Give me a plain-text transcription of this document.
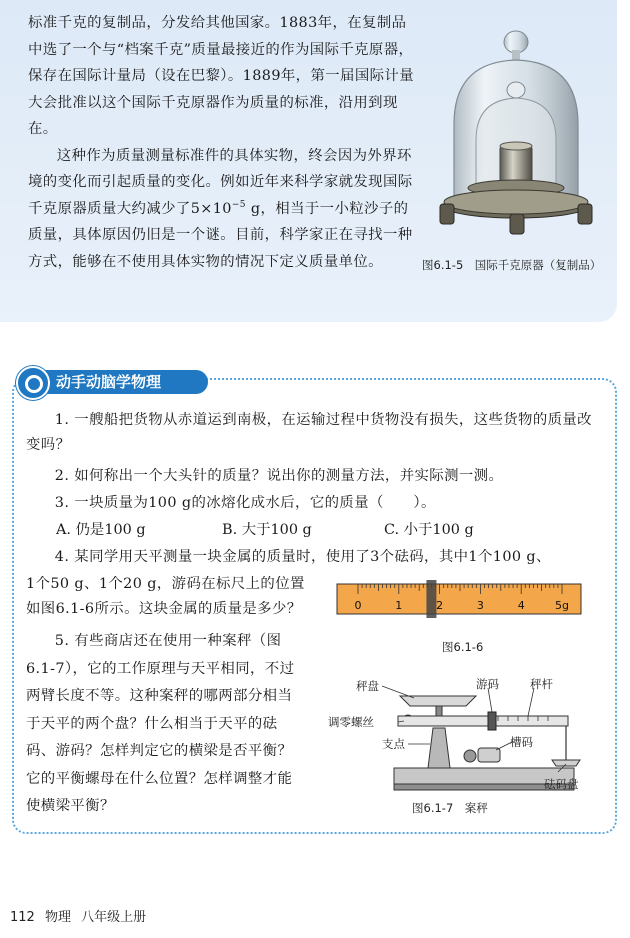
标准千克的复制品，分发给其他国家。1883年，在复制品中选了一个与“档案千克”质量最接近的作为国际千克原器，保存在国际计量局（设在巴黎）。1889年，第一届国际计量大会批准以这个国际千克原器作为质量的标准，沿用到现在。

这种作为质量测量标准件的具体实物，终会因为外界环境的变化而引起质量的变化。例如近年来科学家就发现国际千克原器质量大约减少了$5\times 10^{-5}$ g，相当于一小粒沙子的质量，具体原因仍旧是一个谜。目前，科学家正在寻找一种方式，能够在不使用具体实物的情况下定义质量单位。	图6.1-5　国际千克原器（复制品）
动手动脑学物理

1. 一艘船把货物从赤道运到南极，在运输过程中货物没有损失，这些货物的质量改变吗？

2. 如何称出一个大头针的质量？说出你的测量方法，并实际测一测。

3. 一块质量为100 g的冰熔化成水后，它的质量（　　）。

A. 仍是100 g	B. 大于100 g	C. 小于100 g

4. 某同学用天平测量一块金属的质量时，使用了3个砝码，其中1个100 g、

1个50 g、1个20 g，游码在标尺上的位置如图6.1-6所示。这块金属的质量是多少？

5. 有些商店还在使用一种案秤（图6.1-7），它的工作原理与天平相同，不过两臂长度不等。这种案秤的哪两部分相当于天平的两个盘？什么相当于天平的砝码、游码？怎样判定它的横梁是否平衡？它的平衡螺母在什么位置？怎样调整才能使横梁平衡？

0	1	2	3	4	5g
图6.1-6
秤盘	游码	秤杆
调零螺丝
支点	槽码
砝码盘
图6.1-7　案秤
112 物理 八年级上册
